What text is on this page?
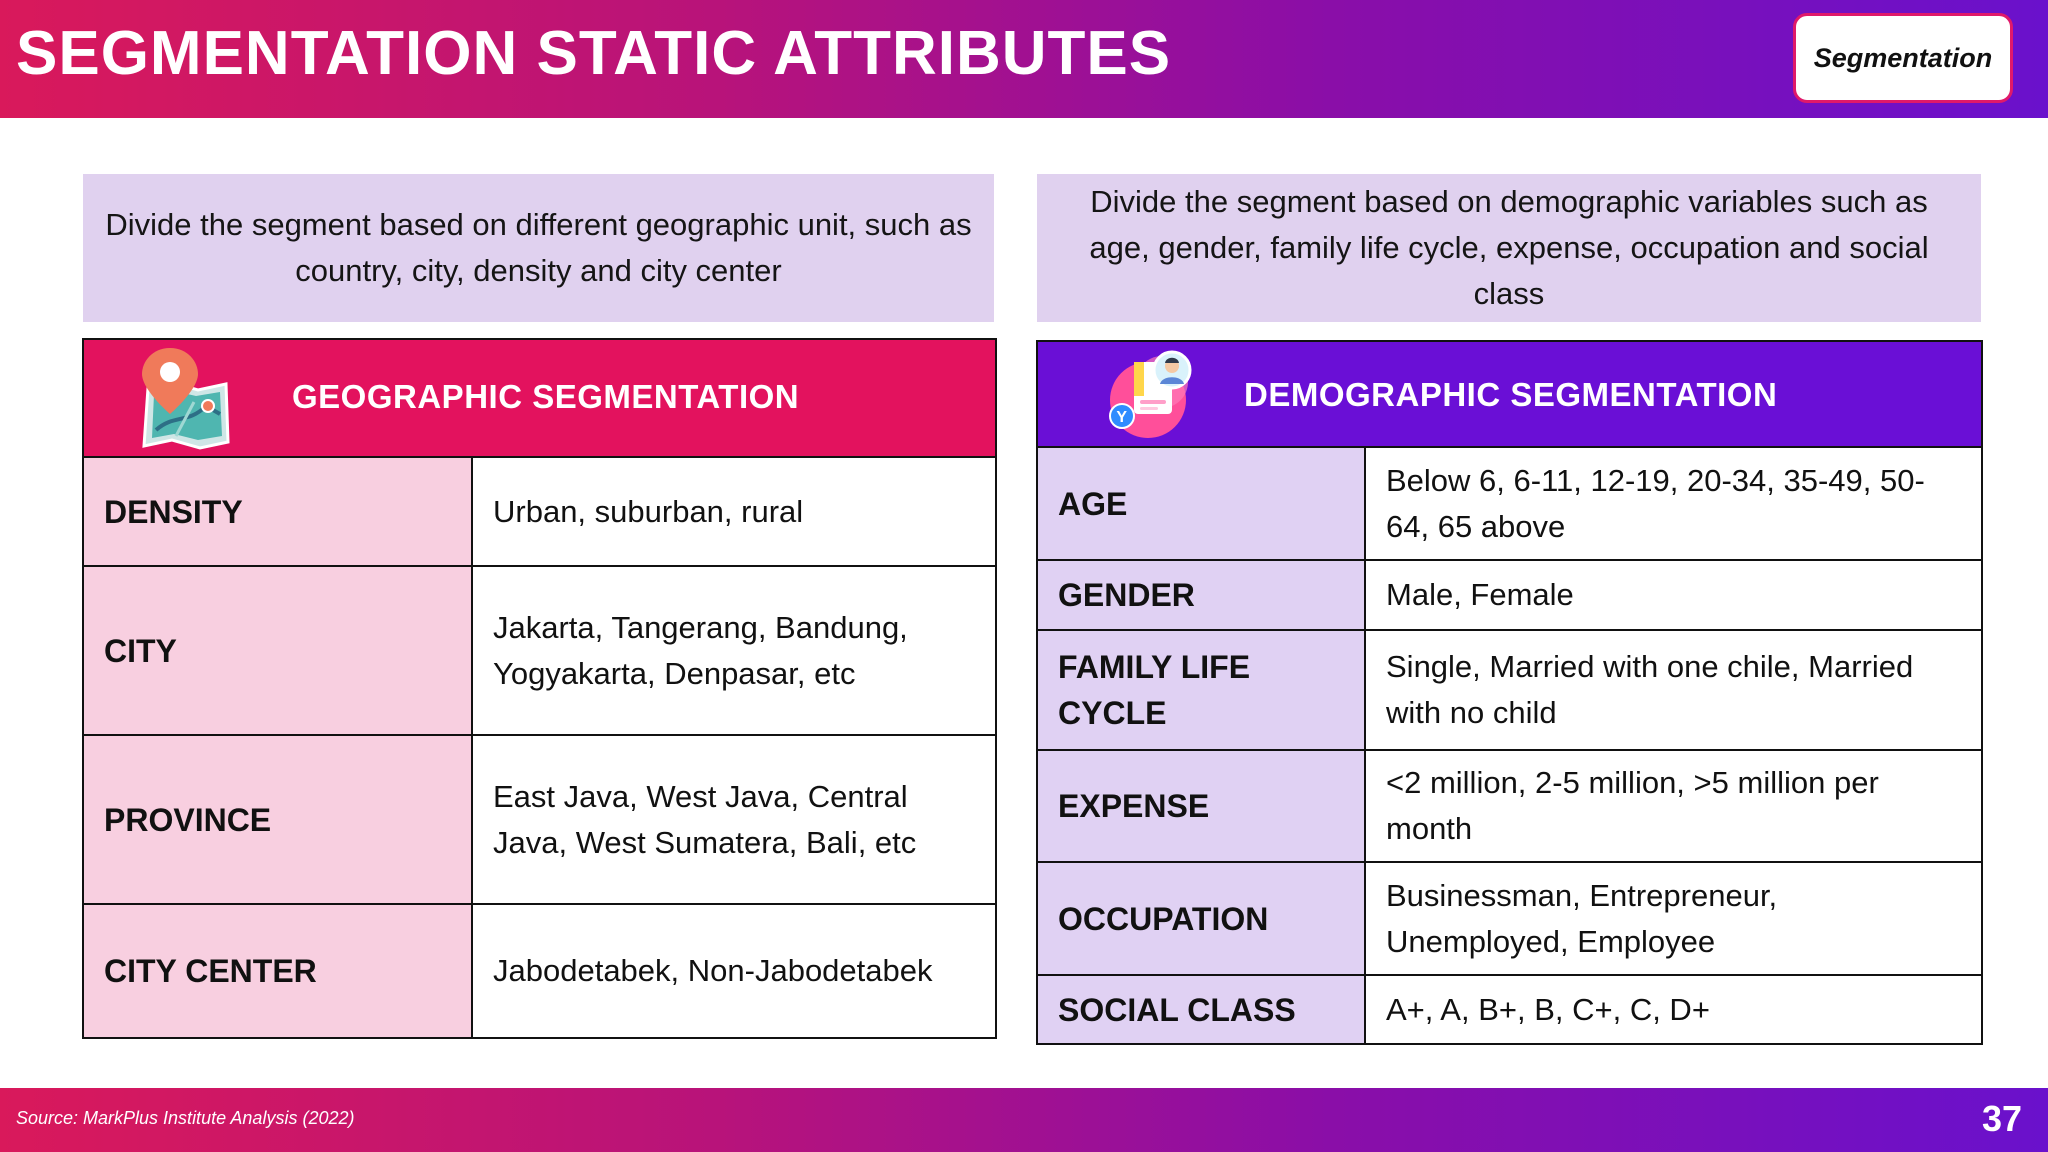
SEGMENTATION STATIC ATTRIBUTES	Segmentation
Divide the segment based on different geographic unit, such as country, city, density and city center
Divide the segment based on demographic variables such as age, gender, family life cycle, expense, occupation and social class
GEOGRAPHIC SEGMENTATION	

DENSITY	Urban, suburban, rural
CITY	Jakarta, Tangerang, Bandung, Yogyakarta, Denpasar, etc
PROVINCE	East Java, West Java, Central Java, West Sumatera, Bali, etc
CITY CENTER	Jabodetabek, Non-Jabodetabek
Y
DEMOGRAPHIC SEGMENTATION	

AGE	Below 6, 6-11, 12-19, 20-34, 35-49, 50-64, 65 above
GENDER	Male, Female
FAMILY LIFE CYCLE	Single, Married with one chile, Married with no child
EXPENSE	<2 million, 2-5 million, >5 million per month
OCCUPATION	Businessman, Entrepreneur, Unemployed, Employee
SOCIAL CLASS	A+, A, B+, B, C+, C, D+
Source: MarkPlus Institute Analysis (2022)	37
